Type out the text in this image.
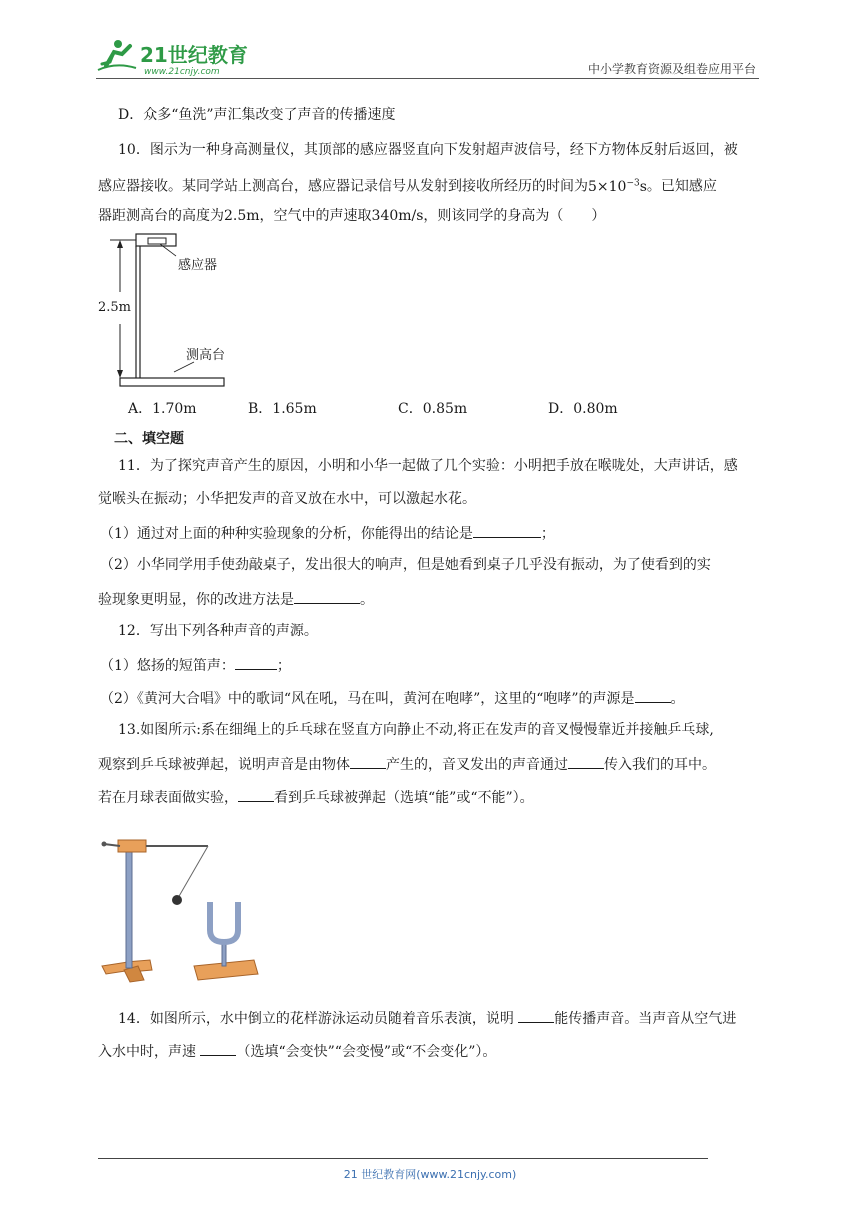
21世纪教育
www.21cnjy.com	中小学教育资源及组卷应用平台
D．众多“鱼洗”声汇集改变了声音的传播速度
10．图示为一种身高测量仪，其顶部的感应器竖直向下发射超声波信号，经下方物体反射后返回，被
感应器接收。某同学站上测高台，感应器记录信号从发射到接收所经历的时间为$5\times 10^{-3}s$。已知感应
器距测高台的高度为2.5m，空气中的声速取340m/s，则该同学的身高为（　　）
感应器
2.5m
测高台
A．1.70m	B．1.65m	C．0.85m	D．0.80m
二、填空题
11．为了探究声音产生的原因，小明和小华一起做了几个实验：小明把手放在喉咙处，大声讲话，感
觉喉头在振动；小华把发声的音叉放在水中，可以激起水花。
（1）通过对上面的种种实验现象的分析，你能得出的结论是	；
（2）小华同学用手使劲敲桌子，发出很大的响声，但是她看到桌子几乎没有振动，为了使看到的实
验现象更明显，你的改进方法是	。
12．写出下列各种声音的声源。
（1）悠扬的短笛声：	；
（2）《黄河大合唱》中的歌词“风在吼，马在叫，黄河在咆哮”，这里的“咆哮”的声源是	。
13.如图所示:系在细绳上的乒乓球在竖直方向静止不动,将正在发声的音叉慢慢靠近并接触乒乓球,
观察到乒乓球被弹起，说明声音是由物体	产生的，音叉发出的声音通过	传入我们的耳中。
若在月球表面做实验，	看到乒乓球被弹起（选填“能”或“不能”）。
14．如图所示，水中倒立的花样游泳运动员随着音乐表演，说明	能传播声音。当声音从空气进
入水中时，声速	（选填“会变快”“会变慢”或“不会变化”）。
21 世纪教育网(www.21cnjy.com)
